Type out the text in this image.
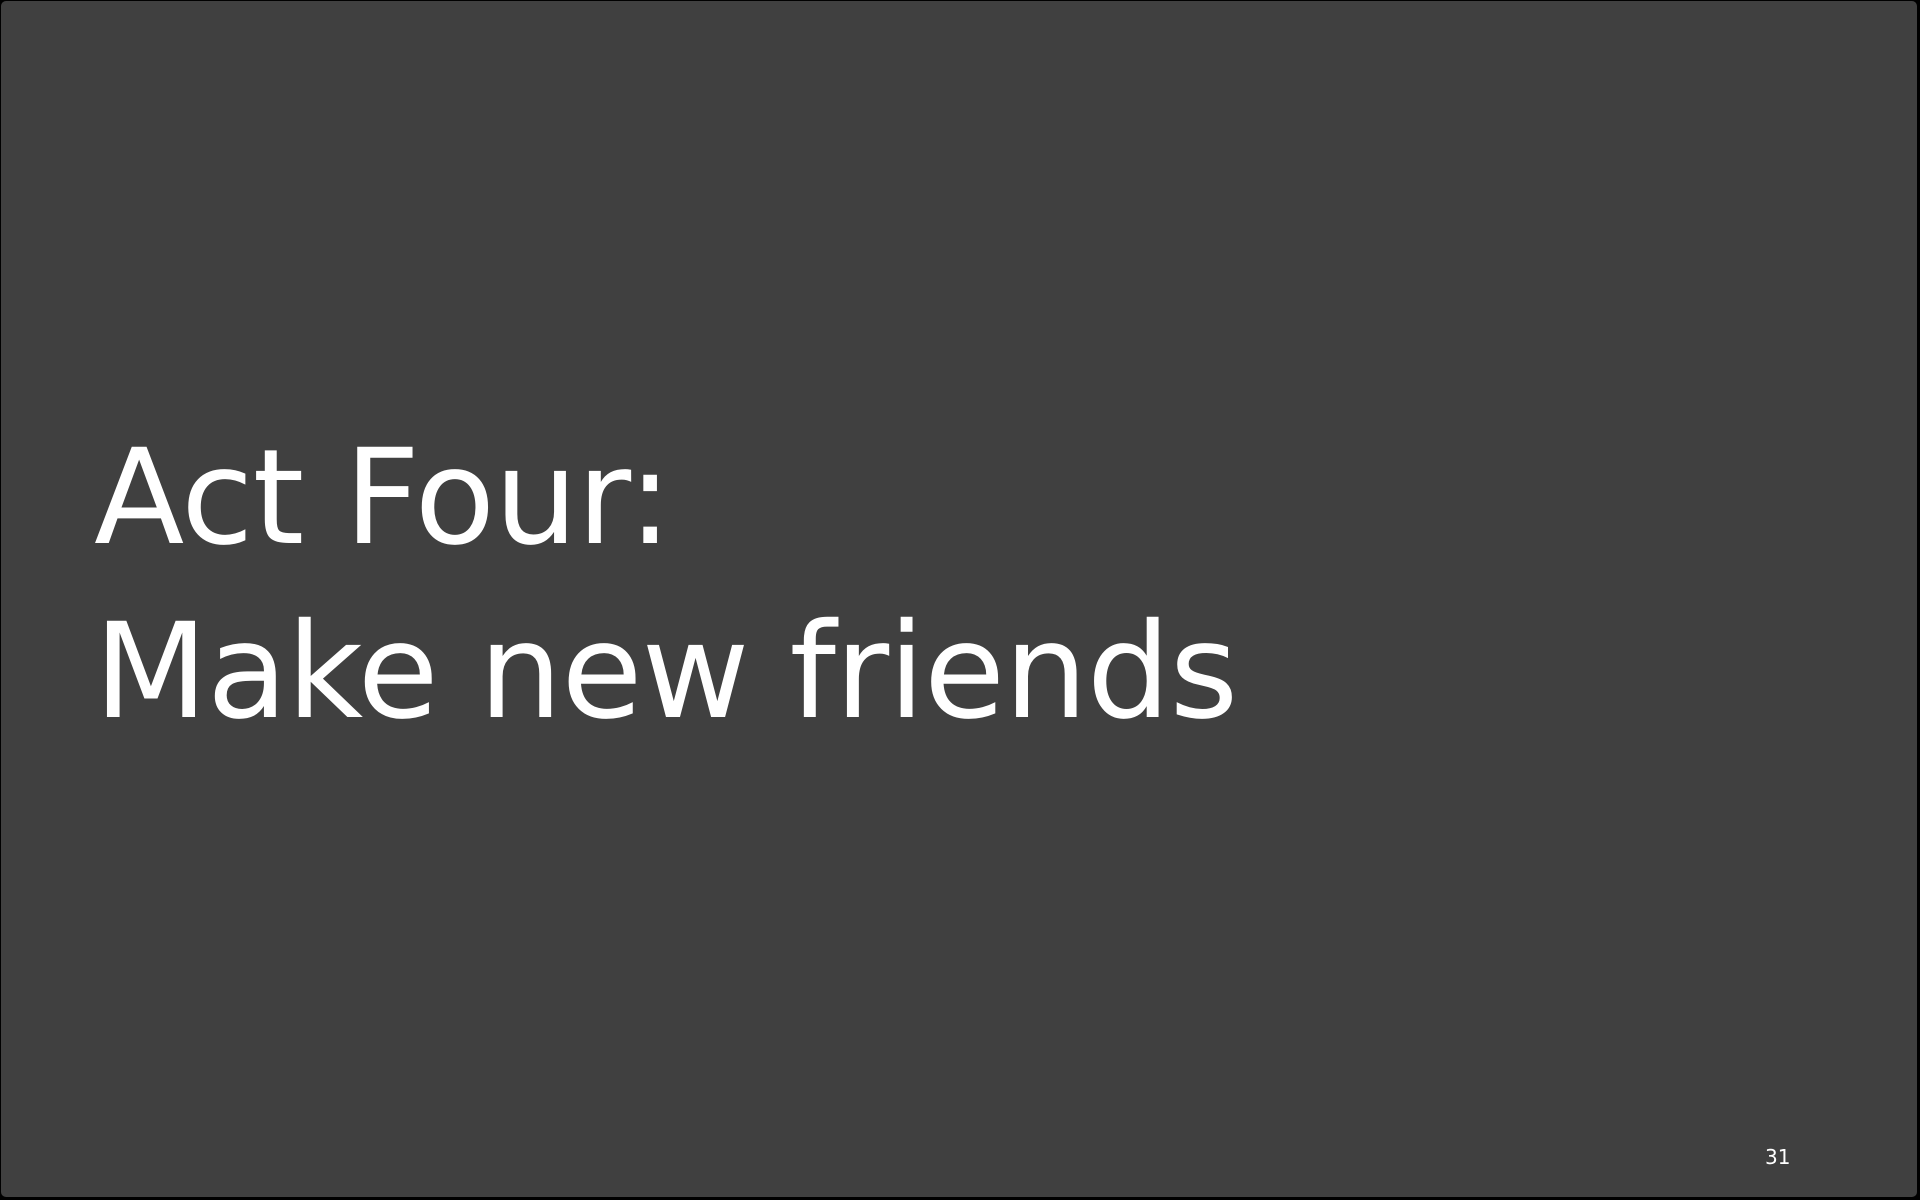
Act Four:
Make new friends
31
